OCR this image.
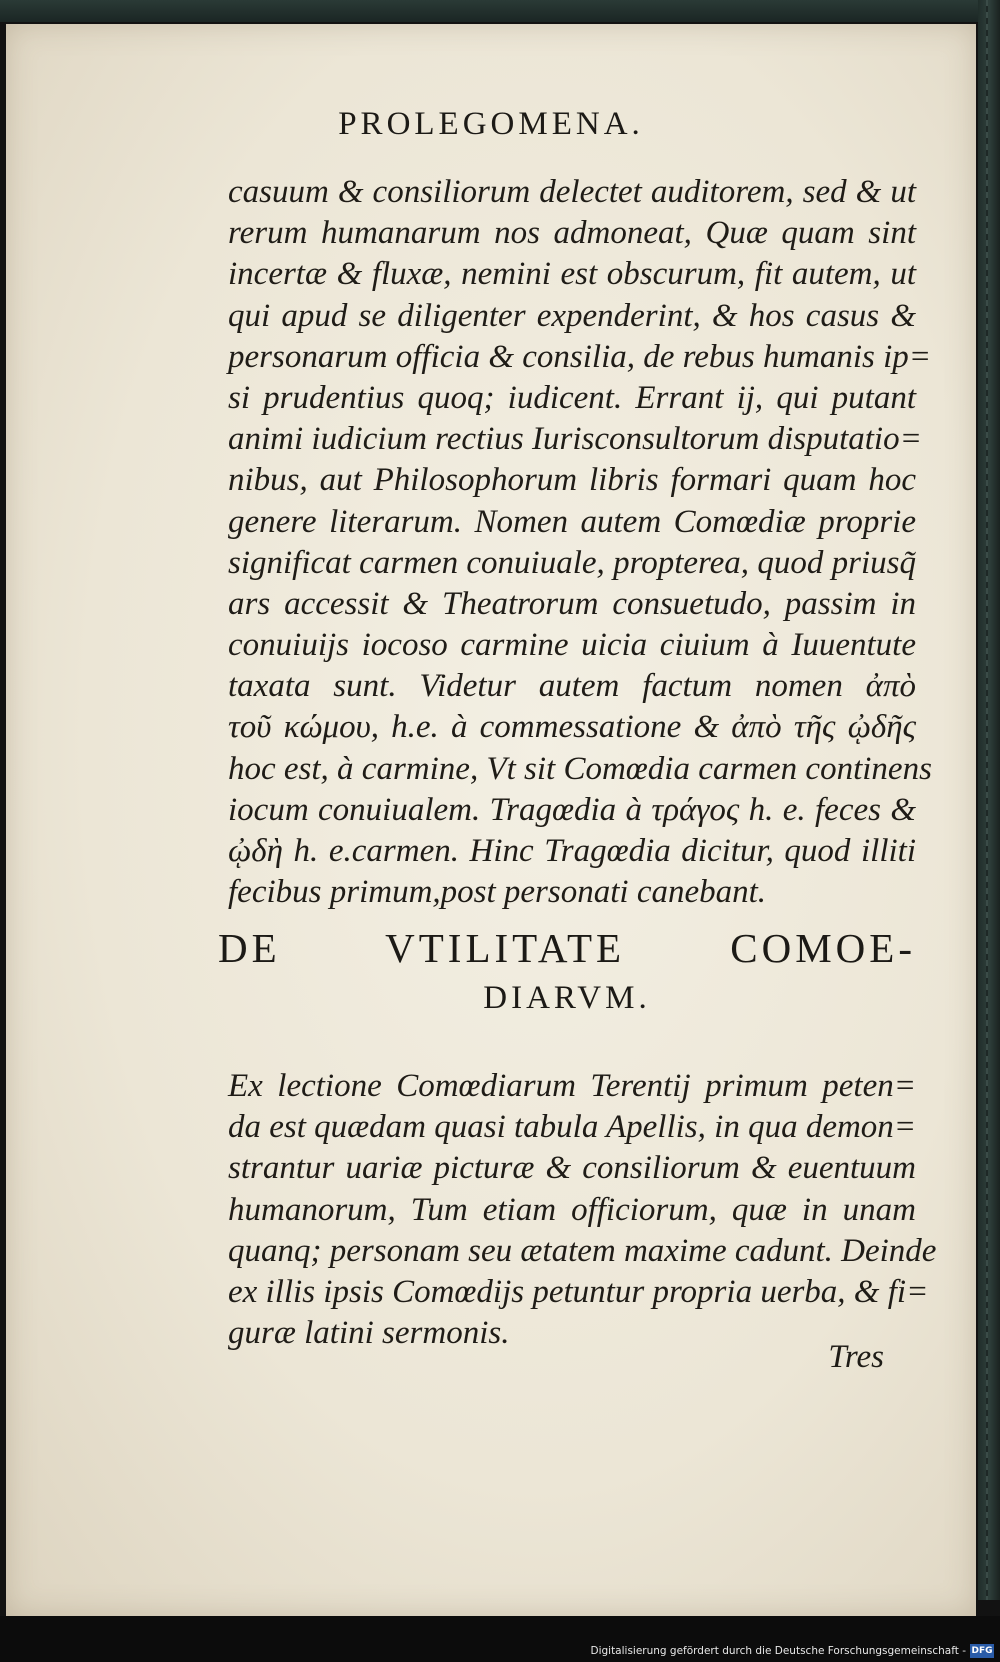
PROLEGOMENA.
casuum & consiliorum delectet auditorem, sed & ut
rerum humanarum nos admoneat, Quæ quam sint
incertæ & fluxæ, nemini est obscurum, fit autem, ut
qui apud se diligenter expenderint, & hos casus &
personarum officia & consilia, de rebus humanis ip=
si prudentius quoq; iudicent. Errant ij, qui putant
animi iudicium rectius Iurisconsultorum disputatio=
nibus, aut Philosophorum libris formari quam hoc
genere literarum. Nomen autem Comœdiæ proprie
significat carmen conuiuale, propterea, quod priusq̃
ars accessit & Theatrorum consuetudo, passim in
conuiuijs iocoso carmine uicia ciuium à Iuuentute
taxata sunt. Videtur autem factum nomen ἀπὸ
τοῦ κώμου, h.e. à commessatione & ἀπὸ τῆς ᾠδῆς
hoc est, à carmine, Vt sit Comœdia carmen continens
iocum conuiualem. Tragœdia à τράγος h. e. feces &
ᾠδὴ h. e.carmen. Hinc Tragœdia dicitur, quod illiti
fecibus primum,post personati canebant.
DE VTILITATE COMOE-
DIARVM.
Ex lectione Comœdiarum Terentij primum peten=
da est quædam quasi tabula Apellis, in qua demon=
strantur uariæ picturæ & consiliorum & euentuum
humanorum, Tum etiam officiorum, quæ in unam
quanq; personam seu ætatem maxime cadunt. Deinde
ex illis ipsis Comœdijs petuntur propria uerba, & fi=
guræ latini sermonis.
Tres
Digitalisierung gefördert durch die Deutsche Forschungsgemeinschaft - DFG
